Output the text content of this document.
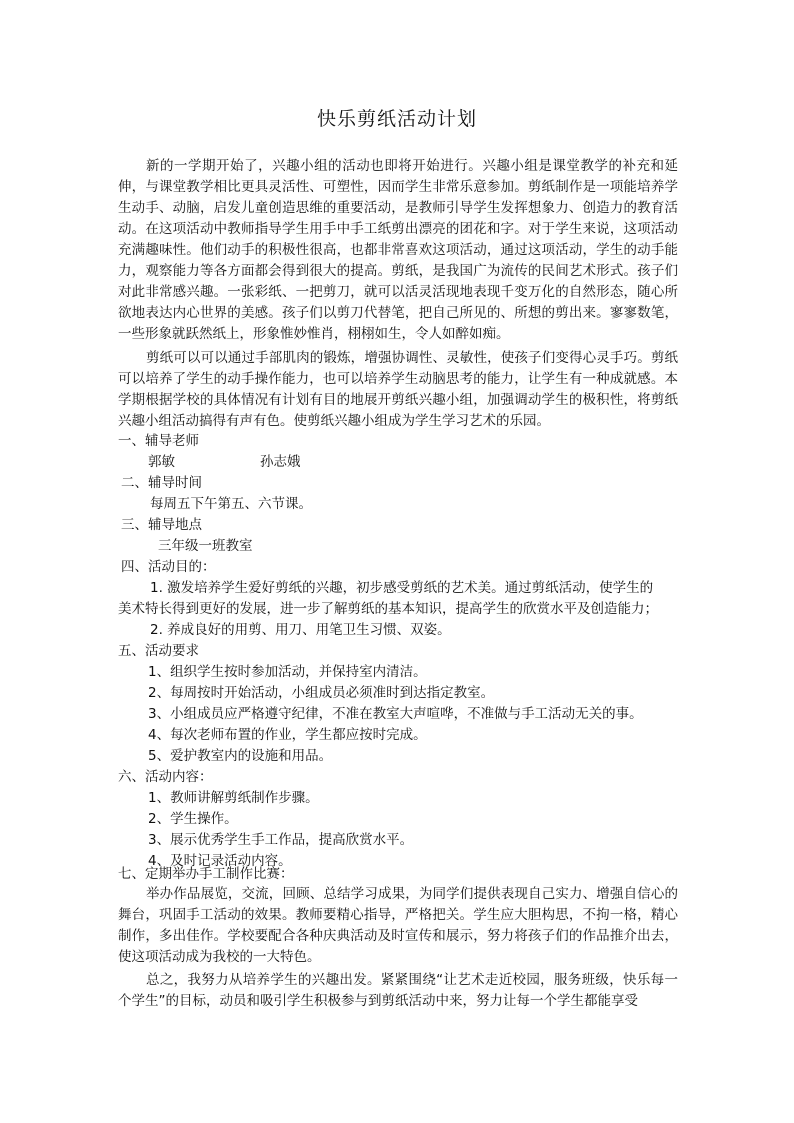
快乐剪纸活动计划
新的一学期开始了，兴趣小组的活动也即将开始进行。兴趣小组是课堂教学的补充和延伸，与课堂教学相比更具灵活性、可塑性，因而学生非常乐意参加。剪纸制作是一项能培养学生动手、动脑，启发儿童创造思维的重要活动，是教师引导学生发挥想象力、创造力的教育活动。在这项活动中教师指导学生用手中手工纸剪出漂亮的团花和字。对于学生来说，这项活动充满趣味性。他们动手的积极性很高，也都非常喜欢这项活动，通过这项活动，学生的动手能力，观察能力等各方面都会得到很大的提高。剪纸，是我国广为流传的民间艺术形式。孩子们对此非常感兴趣。一张彩纸、一把剪刀，就可以活灵活现地表现千变万化的自然形态，随心所欲地表达内心世界的美感。孩子们以剪刀代替笔，把自己所见的、所想的剪出来。寥寥数笔，一些形象就跃然纸上，形象惟妙惟肖，栩栩如生，令人如醉如痴。
剪纸可以可以通过手部肌肉的锻炼，增强协调性、灵敏性，使孩子们变得心灵手巧。剪纸可以培养了学生的动手操作能力，也可以培养学生动脑思考的能力，让学生有一种成就感。本学期根据学校的具体情况有计划有目的地展开剪纸兴趣小组，加强调动学生的极积性，将剪纸兴趣小组活动搞得有声有色。使剪纸兴趣小组成为学生学习艺术的乐园。
一、辅导老师
郭敏	孙志娥
二、辅导时间
每周五下午第五、六节课。
三、辅导地点
三年级一班教室
四、活动目的：
1. 激发培养学生爱好剪纸的兴趣，初步感受剪纸的艺术美。通过剪纸活动，使学生的
美术特长得到更好的发展，进一步了解剪纸的基本知识，提高学生的欣赏水平及创造能力；
2. 养成良好的用剪、用刀、用笔卫生习惯、双姿。
五、活动要求
1、组织学生按时参加活动，并保持室内清洁。
2、每周按时开始活动，小组成员必须准时到达指定教室。
3、小组成员应严格遵守纪律，不准在教室大声喧哗，不准做与手工活动无关的事。
4、每次老师布置的作业，学生都应按时完成。
5、爱护教室内的设施和用品。
六、活动内容：
1、教师讲解剪纸制作步骤。
2、学生操作。
3、展示优秀学生手工作品，提高欣赏水平。
4、及时记录活动内容。
七、定期举办手工制作比赛：
举办作品展览，交流，回顾、总结学习成果，为同学们提供表现自己实力、增强自信心的舞台，巩固手工活动的效果。教师要精心指导，严格把关。学生应大胆构思，不拘一格，精心制作，多出佳作。学校要配合各种庆典活动及时宣传和展示，努力将孩子们的作品推介出去，使这项活动成为我校的一大特色。
总之，我努力从培养学生的兴趣出发。紧紧围绕“让艺术走近校园，服务班级，快乐每一个学生”的目标，动员和吸引学生积极参与到剪纸活动中来，努力让每一个学生都能享受
